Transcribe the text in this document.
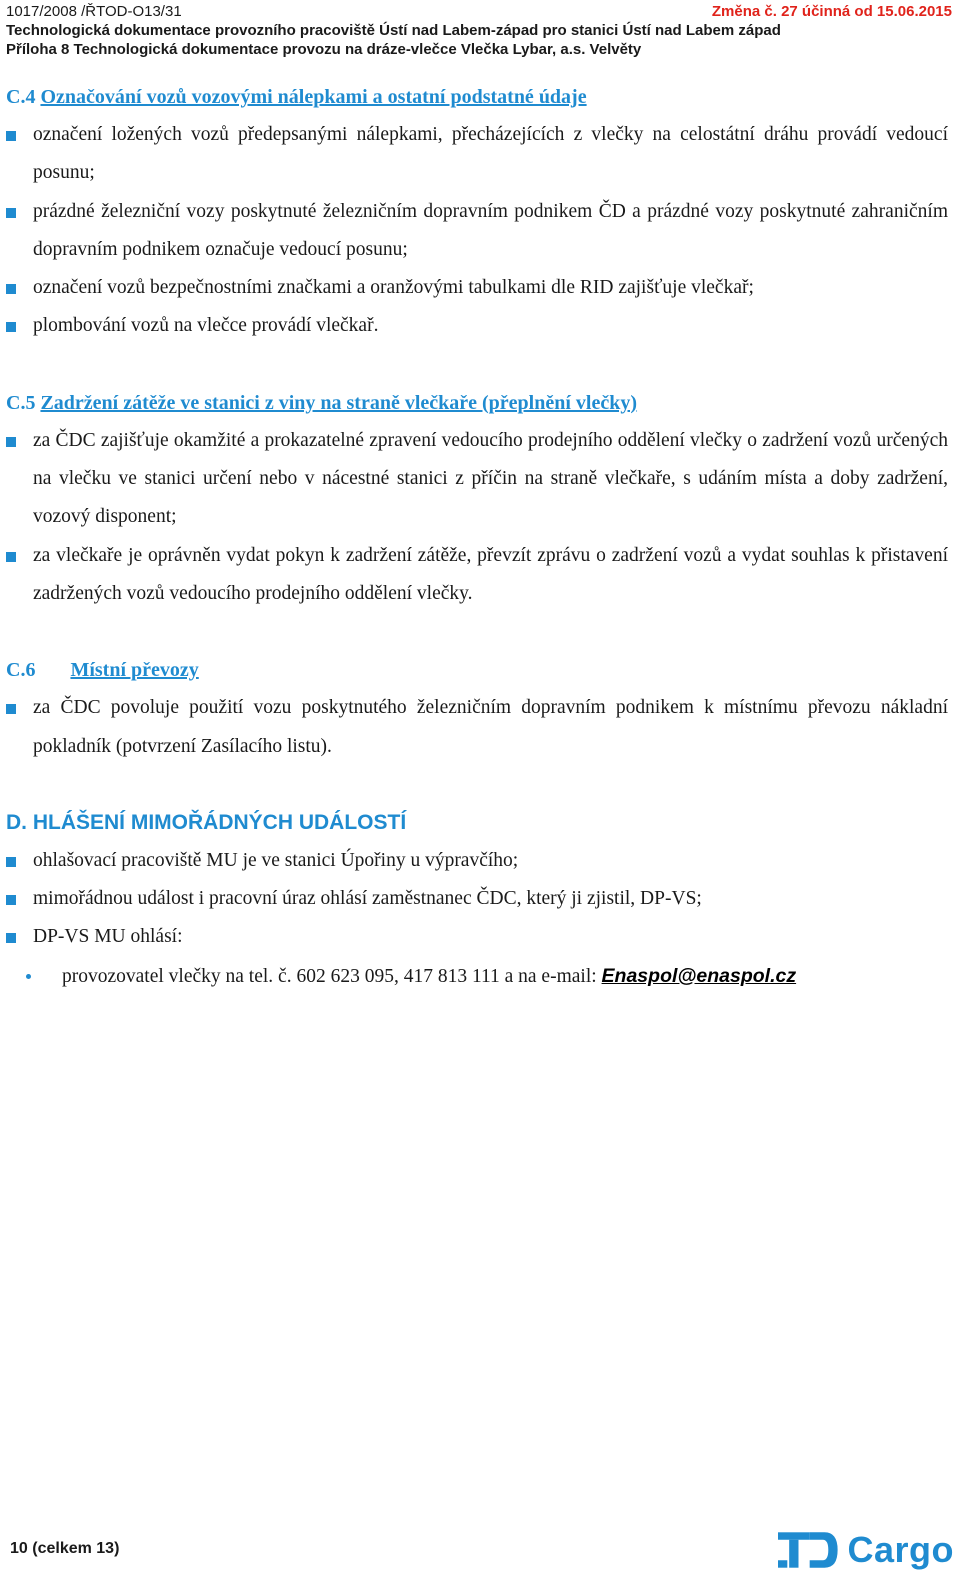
1017/2008 /ŘTOD-O13/31	Změna č. 27 účinná od 15.06.2015
Technologická dokumentace provozního pracoviště Ústí nad Labem-západ pro stanici Ústí nad Labem západ
Příloha 8 Technologická dokumentace provozu na dráze-vlečce Vlečka Lybar, a.s. Velvěty
C.4 Označování vozů vozovými nálepkami a ostatní podstatné údaje
označení ložených vozů předepsanými nálepkami, přecházejících z vlečky na celostátní dráhu provádí vedoucí posunu;
prázdné železniční vozy poskytnuté železničním dopravním podnikem ČD a prázdné vozy poskytnuté zahraničním dopravním podnikem označuje vedoucí posunu;
označení vozů bezpečnostními značkami a oranžovými tabulkami dle RID zajišťuje vlečkař;
plombování vozů na vlečce provádí vlečkař.
C.5 Zadržení zátěže ve stanici z viny na straně vlečkaře (přeplnění vlečky)
za ČDC zajišťuje okamžité a prokazatelné zpravení vedoucího prodejního oddělení vlečky o zadržení vozů určených na vlečku ve stanici určení nebo v nácestné stanici z příčin na straně vlečkaře, s udáním místa a doby zadržení, vozový disponent;
za vlečkaře je oprávněn vydat pokyn k zadržení zátěže, převzít zprávu o zadržení vozů a vydat souhlas k přistavení zadržených vozů vedoucího prodejního oddělení vlečky.
C.6 Místní převozy
za ČDC povoluje použití vozu poskytnutého železničním dopravním podnikem k místnímu převozu nákladní pokladník (potvrzení Zasílacího listu).
D. HLÁŠENÍ MIMOŘÁDNÝCH UDÁLOSTÍ
ohlašovací pracoviště MU je ve stanici Úpořiny u výpravčího;
mimořádnou událost i pracovní úraz ohlásí zaměstnanec ČDC, který ji zjistil, DP-VS;
DP-VS MU ohlásí:
provozovatel vlečky na tel. č. 602 623 095, 417 813 111 a na e-mail: Enaspol@enaspol.cz
10 (celkem 13)	Cargo
